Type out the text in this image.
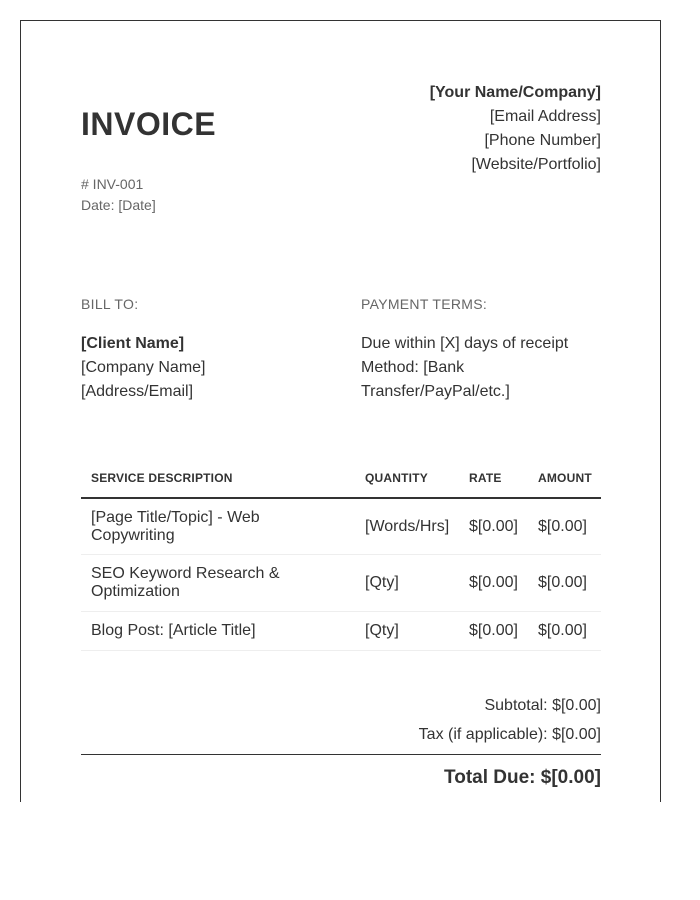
INVOICE
# INV-001
Date: [Date]
[Your Name/Company]
[Email Address]
[Phone Number]
[Website/Portfolio]
BILL TO:
[Client Name]
[Company Name]
[Address/Email]
PAYMENT TERMS:
Due within [X] days of receipt
Method: [Bank Transfer/PayPal/etc.]
SERVICE DESCRIPTION	QUANTITY	RATE	AMOUNT
[Page Title/Topic] - Web Copywriting	[Words/Hrs]	$[0.00]	$[0.00]
SEO Keyword Research & Optimization	[Qty]	$[0.00]	$[0.00]
Blog Post: [Article Title]	[Qty]	$[0.00]	$[0.00]
Subtotal: $[0.00]
Tax (if applicable): $[0.00]
Total Due: $[0.00]
